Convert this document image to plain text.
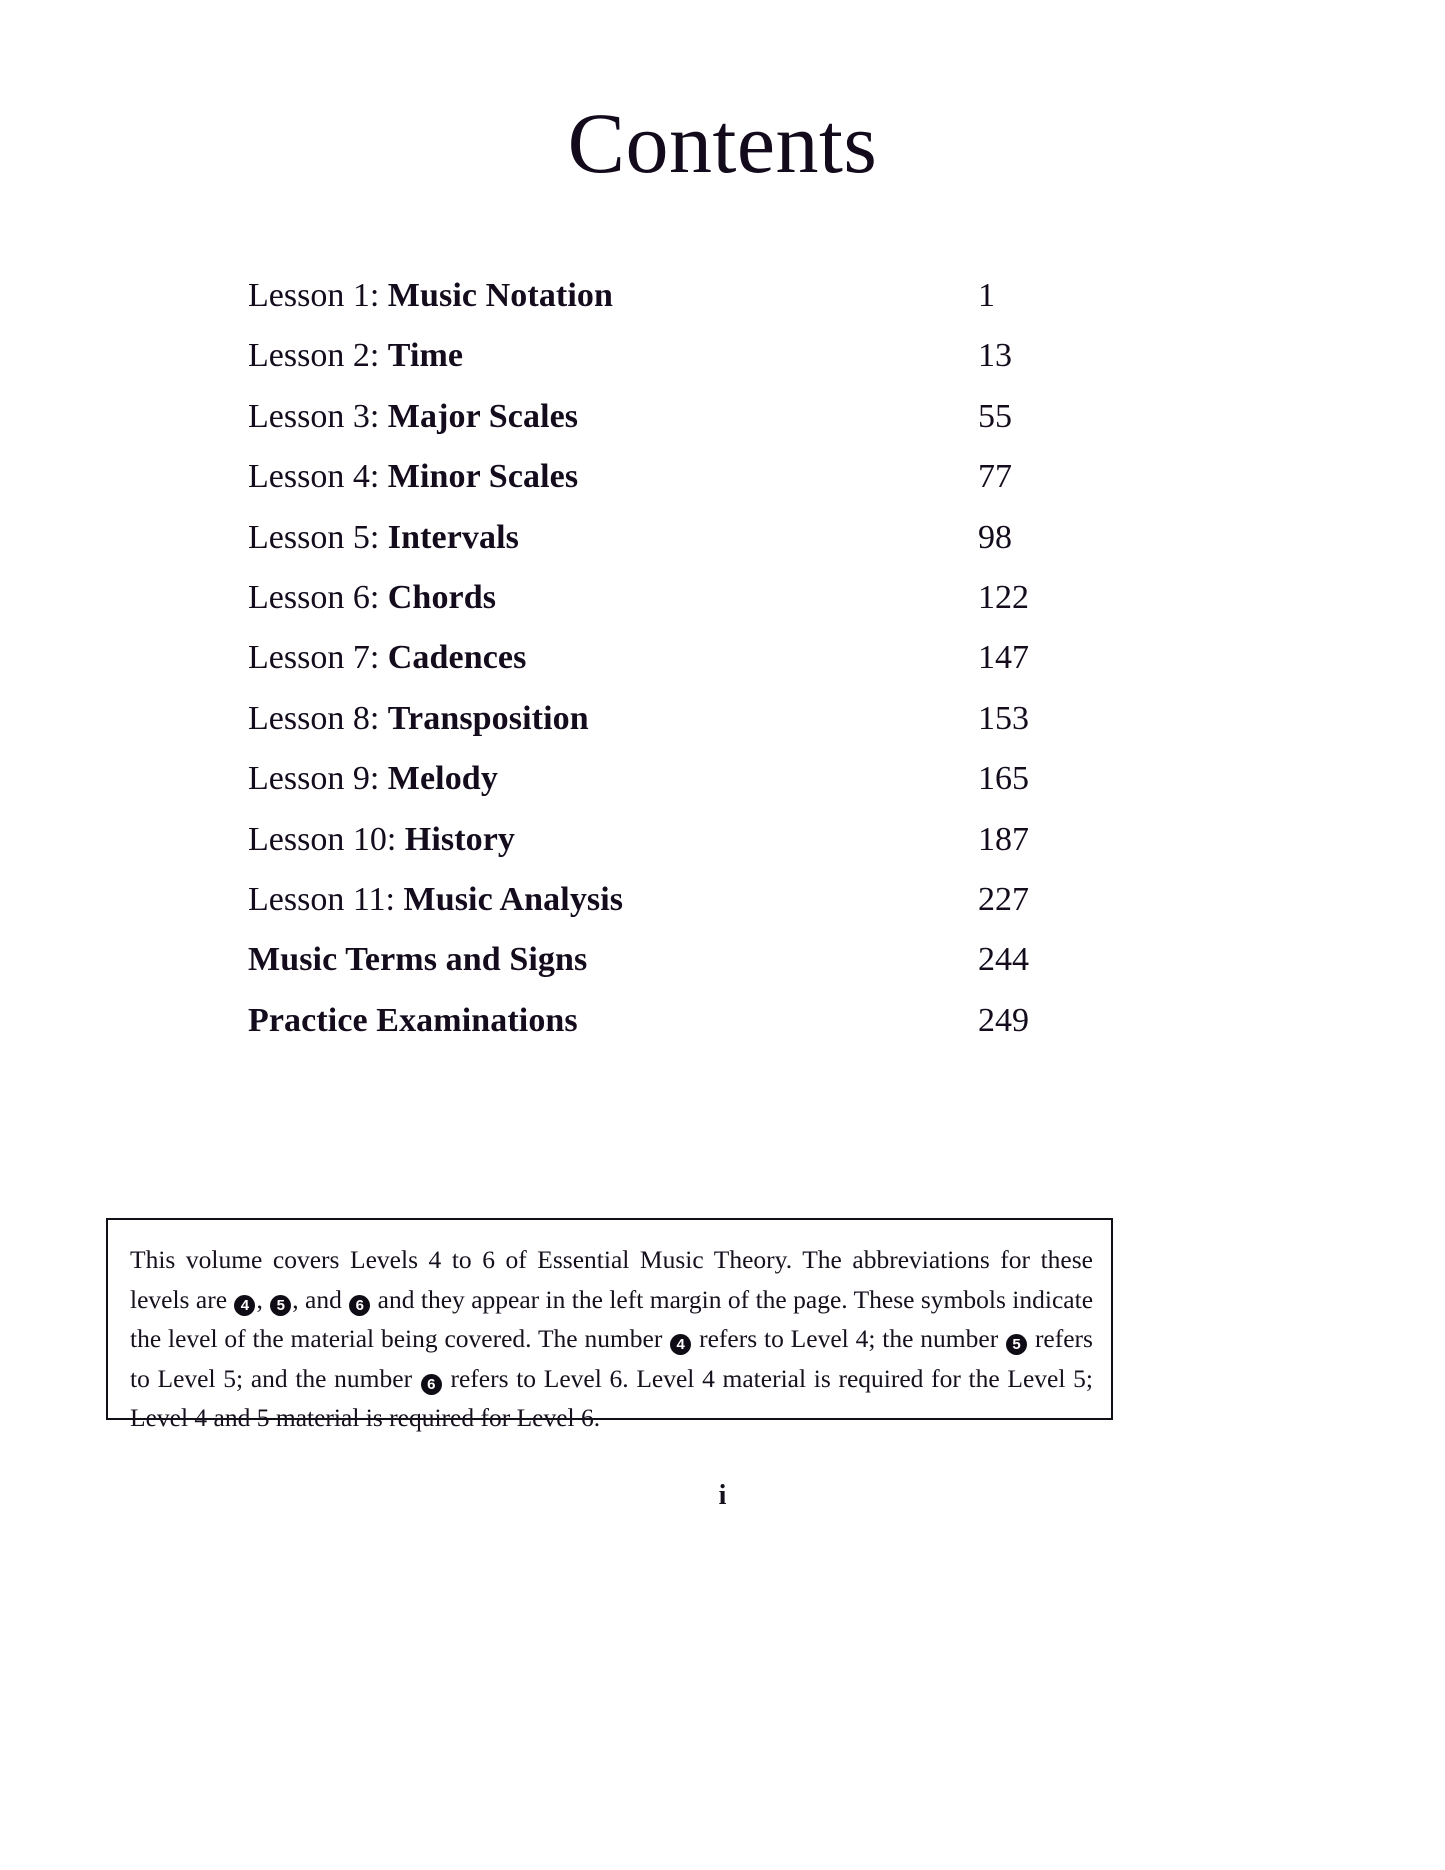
Contents
Lesson 1: Music Notation	1
Lesson 2: Time	13
Lesson 3: Major Scales	55
Lesson 4: Minor Scales	77
Lesson 5: Intervals	98
Lesson 6: Chords	122
Lesson 7: Cadences	147
Lesson 8: Transposition	153
Lesson 9: Melody	165
Lesson 10: History	187
Lesson 11: Music Analysis	227
Music Terms and Signs	244
Practice Examinations	249
This volume covers Levels 4 to 6 of Essential Music Theory. The abbreviations for these levels are 4 , 5 , and 6 and they appear in the left margin of the page. These symbols indicate the level of the material being covered. The number 4 refers to Level 4; the number 5 refers to Level 5; and the number 6 refers to Level 6. Level 4 material is required for the Level 5; Level 4 and 5 material is required for Level 6.
i
